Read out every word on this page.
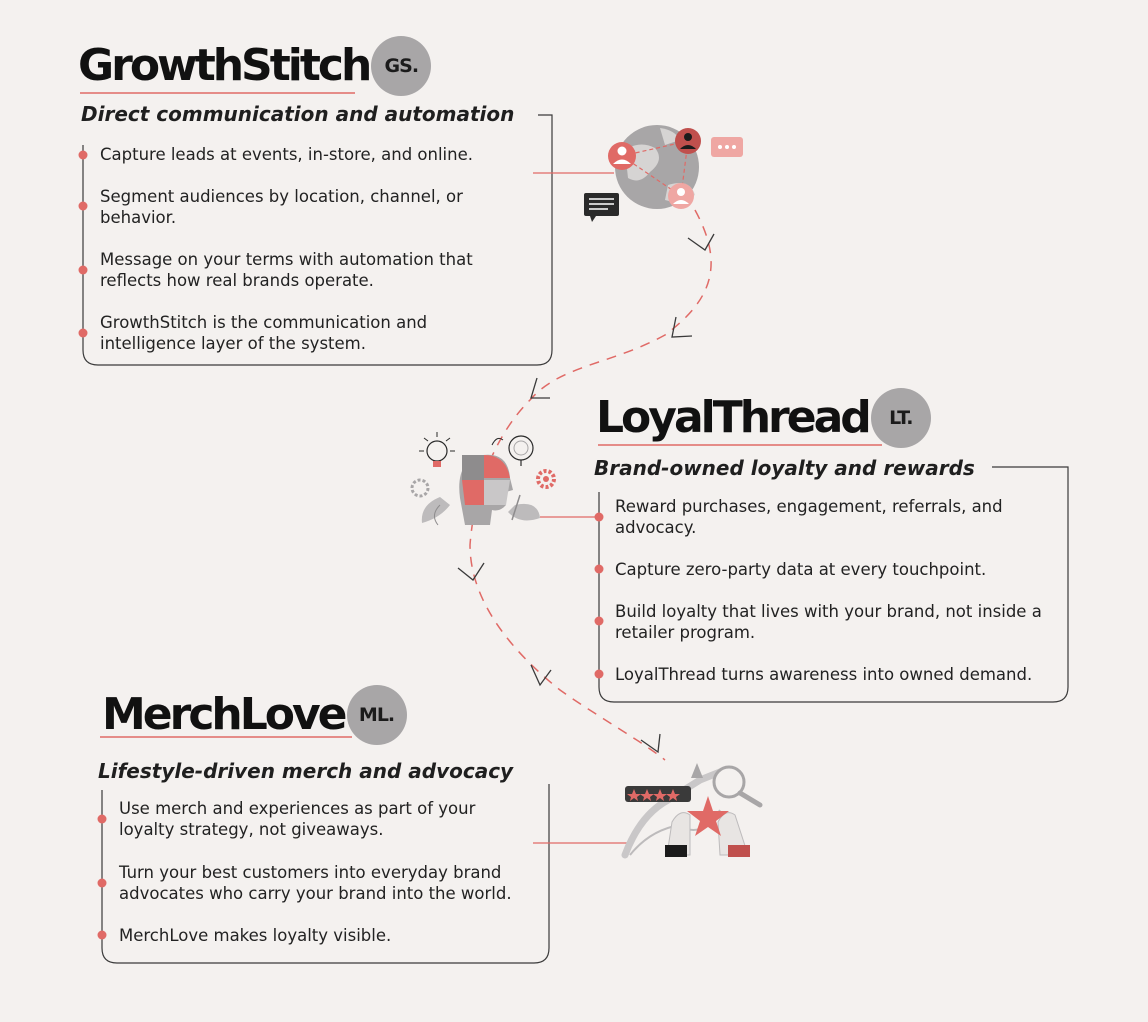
GrowthStitch GS.
Direct communication and automation
Capture leads at events, in-store, and online.
Segment audiences by location, channel, or behavior.
Message on your terms with automation that reflects how real brands operate.
GrowthStitch is the communication and intelligence layer of the system.
LoyalThread	LT.
Brand-owned loyalty and rewards
Reward purchases, engagement, referrals, and advocacy.
Capture zero-party data at every touchpoint.
Build loyalty that lives with your brand, not inside a retailer program.
LoyalThread turns awareness into owned demand.
MerchLove ML.
Lifestyle-driven merch and advocacy
Use merch and experiences as part of your loyalty strategy, not giveaways.
Turn your best customers into everyday brand advocates who carry your brand into the world.
MerchLove makes loyalty visible.
